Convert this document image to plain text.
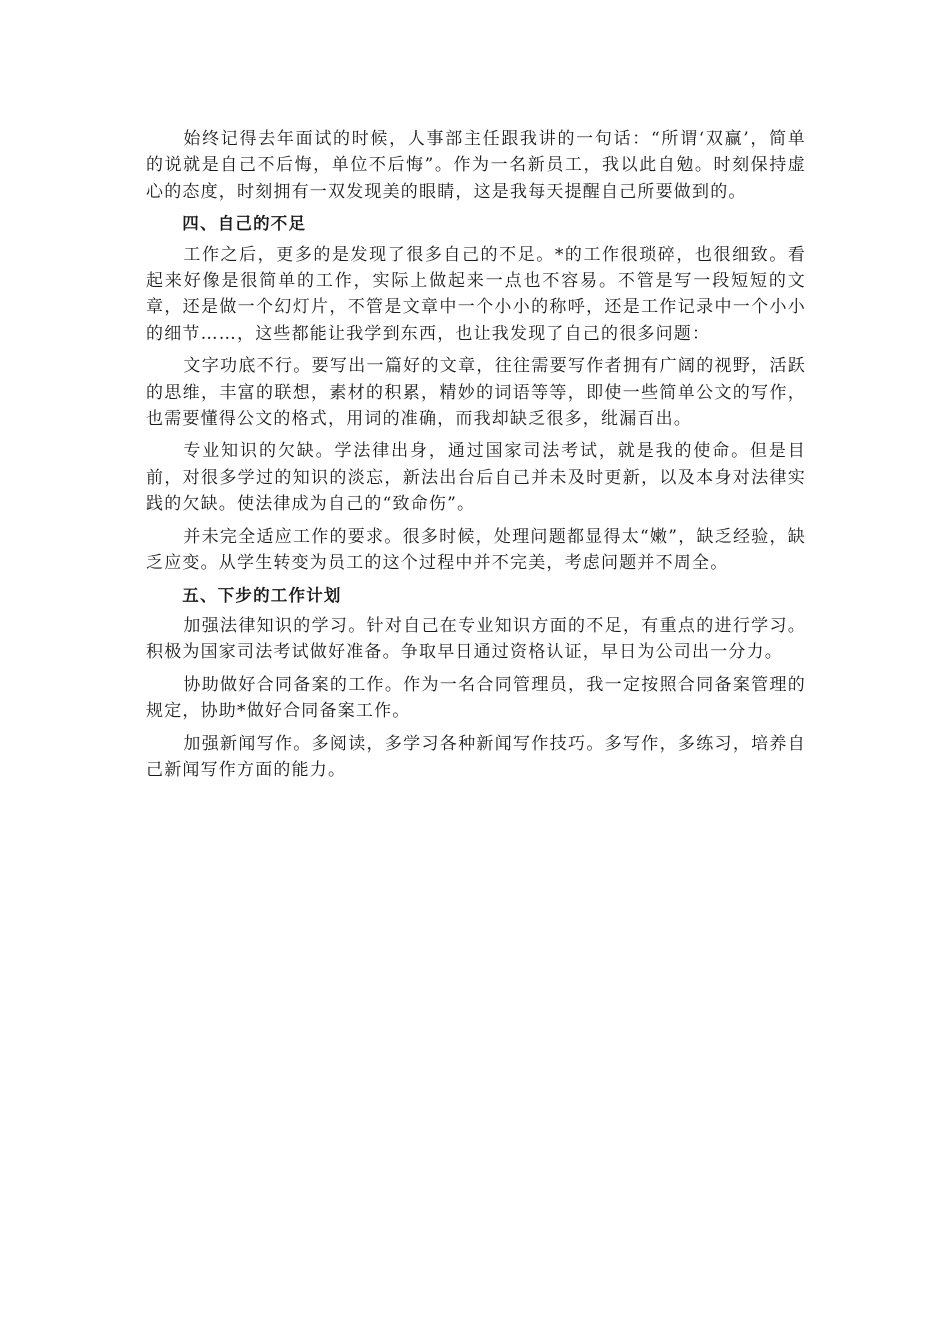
始终记得去年面试的时候，人事部主任跟我讲的一句话：“所谓‘双赢’，简单的说就是自己不后悔，单位不后悔”。作为一名新员工，我以此自勉。时刻保持虚心的态度，时刻拥有一双发现美的眼睛，这是我每天提醒自己所要做到的。

四、自己的不足

工作之后，更多的是发现了很多自己的不足。*的工作很琐碎，也很细致。看起来好像是很简单的工作，实际上做起来一点也不容易。不管是写一段短短的文章，还是做一个幻灯片，不管是文章中一个小小的称呼，还是工作记录中一个小小的细节……，这些都能让我学到东西，也让我发现了自己的很多问题：

文字功底不行。要写出一篇好的文章，往往需要写作者拥有广阔的视野，活跃的思维，丰富的联想，素材的积累，精妙的词语等等，即使一些简单公文的写作，也需要懂得公文的格式，用词的准确，而我却缺乏很多，纰漏百出。

专业知识的欠缺。学法律出身，通过国家司法考试，就是我的使命。但是目前，对很多学过的知识的淡忘，新法出台后自己并未及时更新，以及本身对法律实践的欠缺。使法律成为自己的“致命伤”。

并未完全适应工作的要求。很多时候，处理问题都显得太“嫩”，缺乏经验，缺乏应变。从学生转变为员工的这个过程中并不完美，考虑问题并不周全。

五、下步的工作计划

加强法律知识的学习。针对自己在专业知识方面的不足，有重点的进行学习。积极为国家司法考试做好准备。争取早日通过资格认证，早日为公司出一分力。

协助做好合同备案的工作。作为一名合同管理员，我一定按照合同备案管理的规定，协助*做好合同备案工作。

加强新闻写作。多阅读，多学习各种新闻写作技巧。多写作，多练习，培养自己新闻写作方面的能力。
